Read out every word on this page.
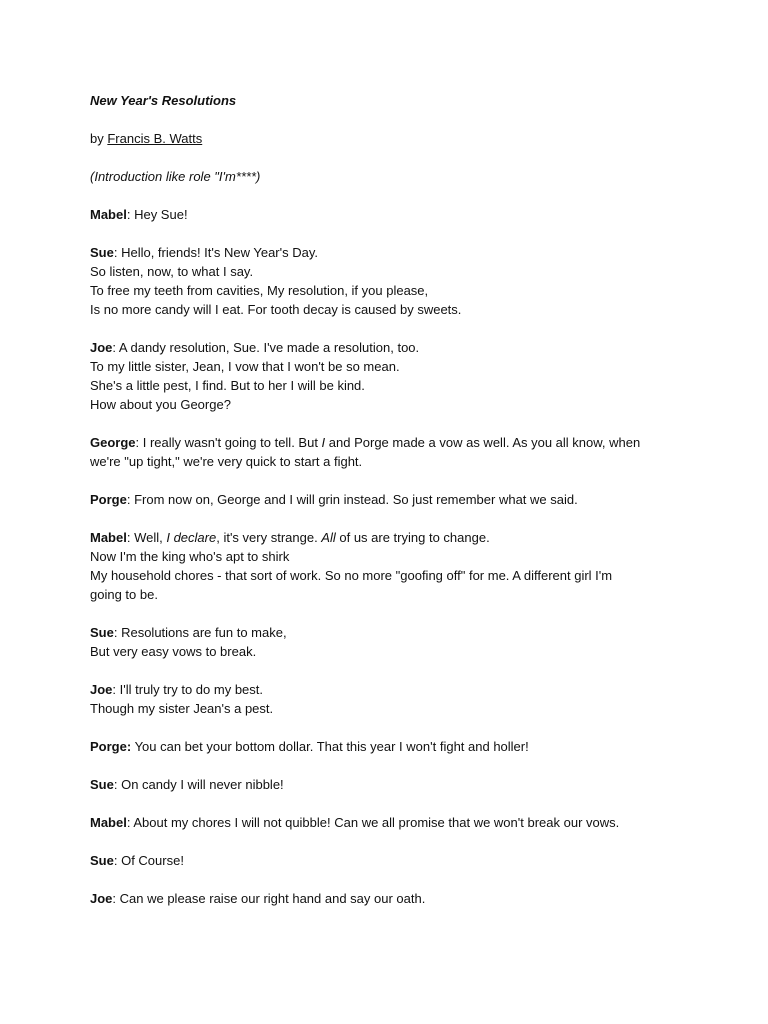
New Year's Resolutions

by Francis B. Watts

(Introduction like role "I'm****)

Mabel: Hey Sue!

Sue: Hello, friends! It's New Year's Day.
So listen, now, to what I say.
To free my teeth from cavities, My resolution, if you please,
Is no more candy will I eat. For tooth decay is caused by sweets.

Joe: A dandy resolution, Sue. I've made a resolution, too.
To my little sister, Jean, I vow that I won't be so mean.
She's a little pest, I find. But to her I will be kind.
How about you George?

George: I really wasn't going to tell. But I and Porge made a vow as well. As you all know, when
we're "up tight," we're very quick to start a fight.

Porge: From now on, George and I will grin instead. So just remember what we said.

Mabel: Well, I declare, it's very strange. All of us are trying to change.
Now I'm the king who's apt to shirk
My household chores - that sort of work. So no more "goofing off" for me. A different girl I'm
going to be.

Sue: Resolutions are fun to make,
But very easy vows to break.

Joe: I'll truly try to do my best.
Though my sister Jean's a pest.

Porge: You can bet your bottom dollar. That this year I won't fight and holler!

Sue: On candy I will never nibble!

Mabel: About my chores I will not quibble! Can we all promise that we won't break our vows.

Sue: Of Course!

Joe: Can we please raise our right hand and say our oath.
